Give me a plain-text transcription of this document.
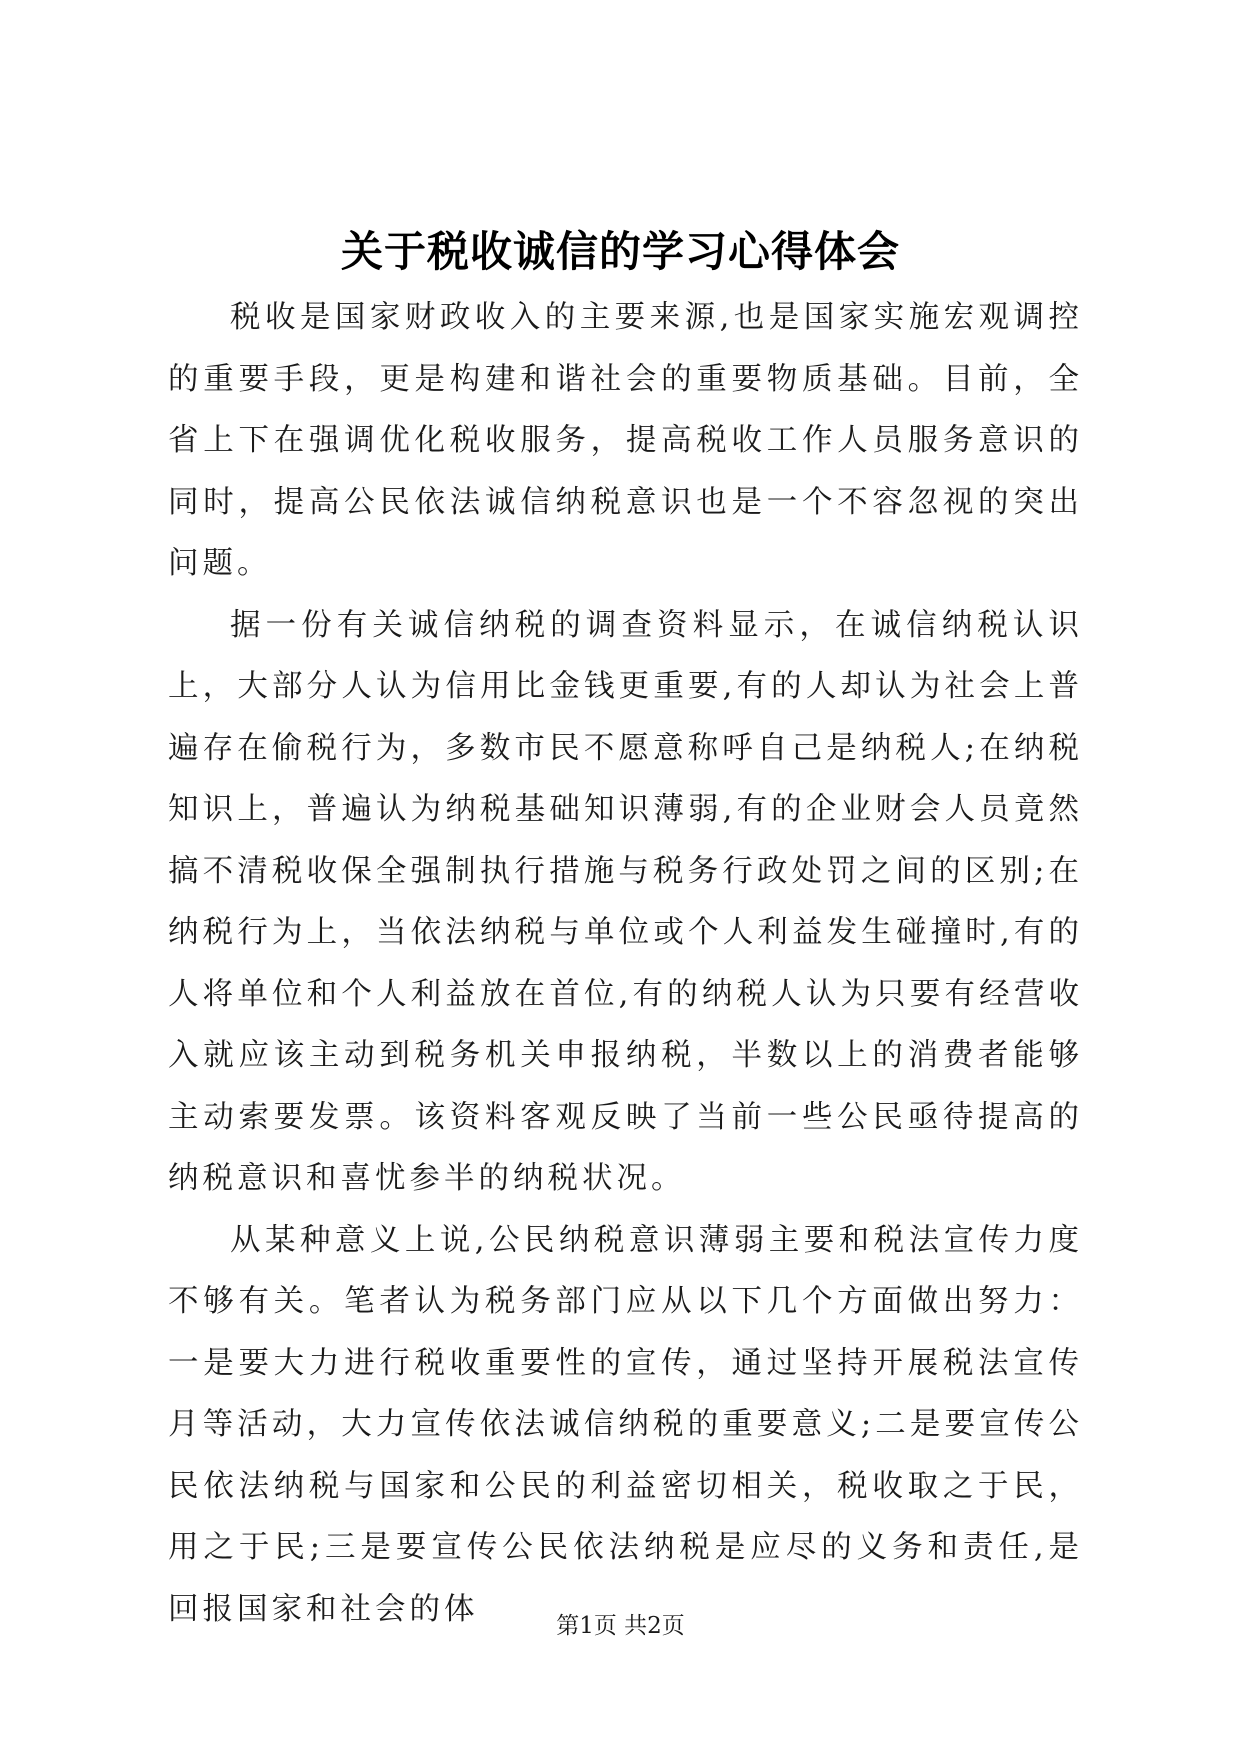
关于税收诚信的学习心得体会

税收是国家财政收入的主要来源,也是国家实施宏观调控的重要手段，更是构建和谐社会的重要物质基础。目前，全省上下在强调优化税收服务，提高税收工作人员服务意识的同时，提高公民依法诚信纳税意识也是一个不容忽视的突出问题。

据一份有关诚信纳税的调查资料显示，在诚信纳税认识上，大部分人认为信用比金钱更重要,有的人却认为社会上普遍存在偷税行为，多数市民不愿意称呼自己是纳税人;在纳税知识上，普遍认为纳税基础知识薄弱,有的企业财会人员竟然搞不清税收保全强制执行措施与税务行政处罚之间的区别;在纳税行为上，当依法纳税与单位或个人利益发生碰撞时,有的人将单位和个人利益放在首位,有的纳税人认为只要有经营收入就应该主动到税务机关申报纳税，半数以上的消费者能够主动索要发票。该资料客观反映了当前一些公民亟待提高的纳税意识和喜忧参半的纳税状况。

从某种意义上说,公民纳税意识薄弱主要和税法宣传力度不够有关。笔者认为税务部门应从以下几个方面做出努力：一是要大力进行税收重要性的宣传，通过坚持开展税法宣传月等活动，大力宣传依法诚信纳税的重要意义;二是要宣传公民依法纳税与国家和公民的利益密切相关，税收取之于民，用之于民;三是要宣传公民依法纳税是应尽的义务和责任,是回报国家和社会的体	第1页 共2页
